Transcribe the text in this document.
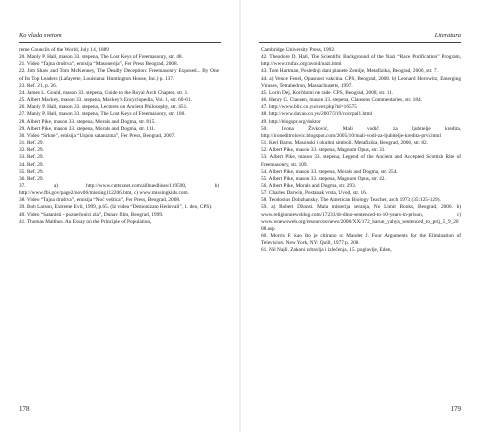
Ko vlada svetom
reme Councils of the World, July 14, 1889
20. Manly P. Hall, mason 33. stepena, The Lost Keys of Freemasonry, str. 48.
21. Video “Tajna društva”, emisija “Masonerija”, Fer Press Beograd, 2008.
22. Jim Shaw and Tom McKenney, The Deadly Deception: Freemasonry Exposed... By One of Its Top Leaders (Lafayette, Louisiana: Huntington House, Inc.) p. 137.
23. Ref. 21, p. 26.
24. James L. Gould, mason 33. stepena, Guide to the Royal Arch Chapter, str. 1.
25. Albert Mackey, mason 33. stepena, Mackey's Encyclopedia, Vol. 1, str. 60-61.
26. Manly P. Hall, mason 33. stepena, Lectures on Ancient Philosophy, str. 451.
27. Manly P. Hall, mason 33. stepena, The Lost Keys of Freemasonry, str. 100.
28. Albert Pike, mason 33. stepena, Morals and Dogma, str. 815.
29. Albert Pike, mason 33. stepena, Morals and Dogma, str. 111.
30. Video “Srkne”, emisija “Uspon satanizma”, Fer Press, Beograd, 2007.
31. Ref. 29.
32. Ref. 29.
33. Ref. 29.
34. Ref. 29.
35. Ref. 29.
36. Ref. 29.
37. a) http://www.cuttsxnet.com/allhuedlines/119590, b) http://www.fbi.gov/page2/nov06/missing112206.htm, c) www.missingkids.com.
38. Video “Tajna društva”, emisija “Noć veštica”, Fer Press, Beograd, 2008.
39. Bob Larson, Extreme Evil, 1999, p.65. (Iz videa “Demonizam Hedovali”, 1. deo, CPS).
40. Video “Satanisti - poznečonici zla”, Dunav film, Beograd, 1999.
41. Thomas Malthus. An Essay on the Principle of Population,
178
Literatura
Cambridge University Press, 1992.
42. Theodore D. Hall, The Scientific Background of the Nazi “Race Purification” Program, http://www.trufax.org/avoid/nazi.html
43. Tom Hartman, Poslednji dani planete Zemlje, Metafizika, Beograd, 2006, str. 7.
44. a) Vence Fenel, Opasnost vakcina. CPS, Beograd, 2008. b) Leonard Horowitz, Emerging Viruses, Tetrahedron, Massachusetts, 1997.
45. Lorin Dej, Korčdomi ne rade. CPS, Beograd, 2008, str. 11.
46. Henry C. Clausen, mason 33. stepena, Clausens Commentaries, str. 184.
47. http://www.blic.co.yu/svet.php?id=16575
48. http://www.davao.co.yu/2007/319/covrpal1.html
49. http://blogspr.org/doktor
50. Ivona Živković, Mali vodič za ljubitelje kredita, http://ironeditrolovic.blogspot.com/2005/10/mali-vodi-za-ljubitelje-kredita-prvi.html
51. Keri Barns. Masonski i okultni simboli. Metafizika, Beograd, 2006, str. 82.
52. Albert Pike, mason 33. stepena, Magnum Opus, str. 31.
53. Albert Pike, mason 33. stepena, Legend of the Ancient and Accepted Scottish Rite of Freemasonry, str. 109.
54. Albert Pike, mason 33. stepena, Morals and Dogma, str. 254.
55. Albert Pike, mason 33. stepena, Magnum Opus, str. 42.
56. Albert Pike, Morals and Dogma, str. 293.
57. Charles Darwin, Postanak vrsta, Uvod, str. 16.
58. Teodosius Dobzhansky. The American Biology Teacher, arch 1973 (35:125-129).
59. a) Robert Džonsi. Mala misterija seranja, No Limit Books, Beograd, 2006. b) www.religionnewsblog.com/17231/dr-dino-sentenced-to-10-years-in-prison, c) www.wnewsweb.org/resources/news/2008/XX/172_barun_yahya_sentenced_to_prij_5_9_2008.asp
60. Morris F. kao što je citirano u: Mander J. Four Arguments for the Elimination of Television. New York, NY: Quill, 1977 p. 208.
61. Nil Najli. Zakoni zdravlja i izlečenja, 15. poglavlje, Eden,
179
